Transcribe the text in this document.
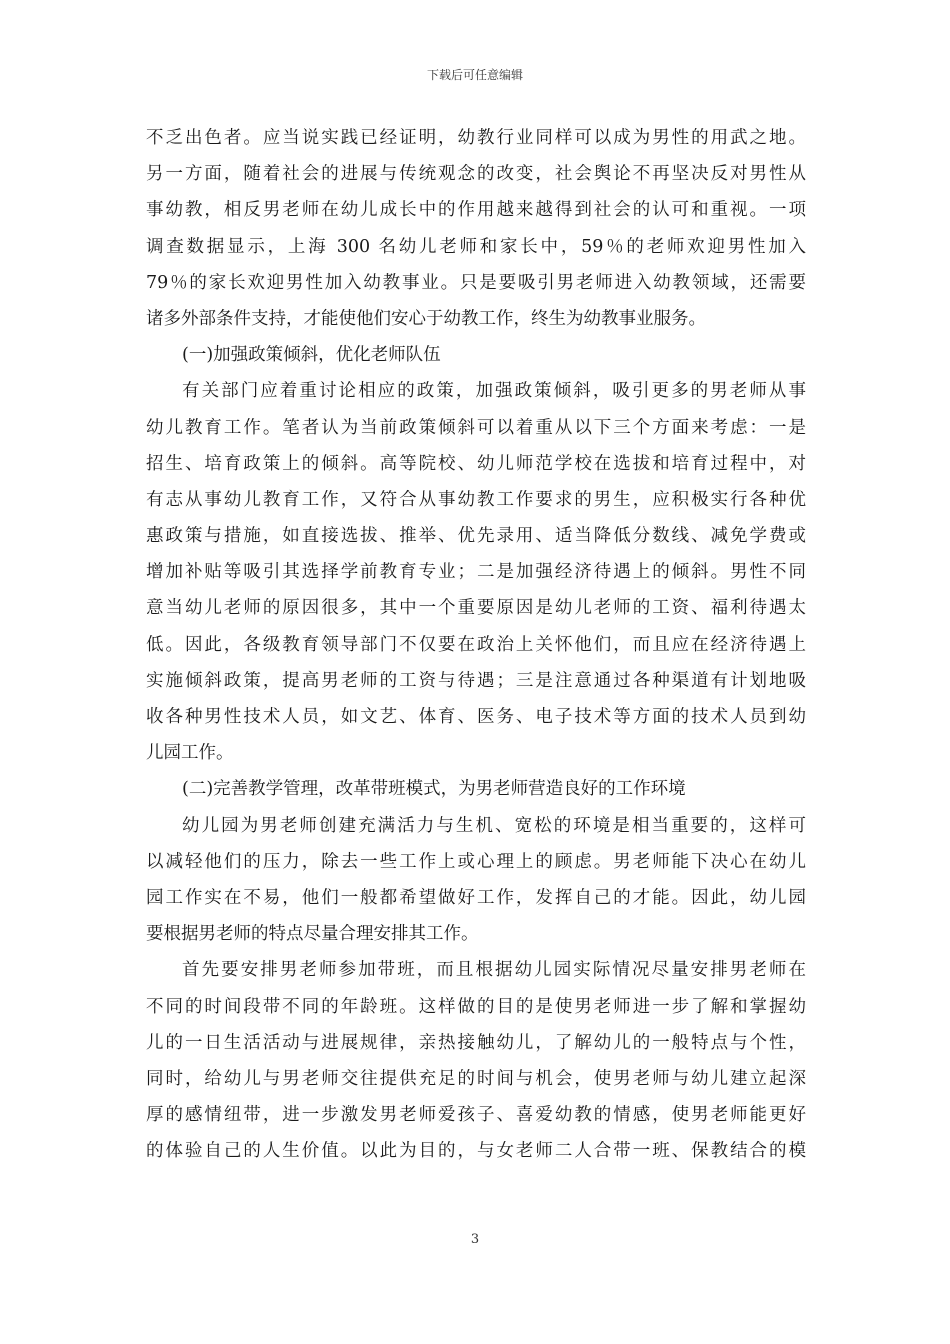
下载后可任意编辑
不乏出色者。应当说实践已经证明，幼教行业同样可以成为男性的用武之地。
另一方面，随着社会的进展与传统观念的改变，社会舆论不再坚决反对男性从
事幼教，相反男老师在幼儿成长中的作用越来越得到社会的认可和重视。一项
调查数据显示，上海 300 名幼儿老师和家长中，59％的老师欢迎男性加入
79％的家长欢迎男性加入幼教事业。只是要吸引男老师进入幼教领域，还需要
诸多外部条件支持，才能使他们安心于幼教工作，终生为幼教事业服务。
(一)加强政策倾斜，优化老师队伍
有关部门应着重讨论相应的政策，加强政策倾斜，吸引更多的男老师从事
幼儿教育工作。笔者认为当前政策倾斜可以着重从以下三个方面来考虑：一是
招生、培育政策上的倾斜。高等院校、幼儿师范学校在选拔和培育过程中，对
有志从事幼儿教育工作，又符合从事幼教工作要求的男生，应积极实行各种优
惠政策与措施，如直接选拔、推举、优先录用、适当降低分数线、减免学费或
增加补贴等吸引其选择学前教育专业；二是加强经济待遇上的倾斜。男性不同
意当幼儿老师的原因很多，其中一个重要原因是幼儿老师的工资、福利待遇太
低。因此，各级教育领导部门不仅要在政治上关怀他们，而且应在经济待遇上
实施倾斜政策，提高男老师的工资与待遇；三是注意通过各种渠道有计划地吸
收各种男性技术人员，如文艺、体育、医务、电子技术等方面的技术人员到幼
儿园工作。
(二)完善教学管理，改革带班模式，为男老师营造良好的工作环境
幼儿园为男老师创建充满活力与生机、宽松的环境是相当重要的，这样可
以减轻他们的压力，除去一些工作上或心理上的顾虑。男老师能下决心在幼儿
园工作实在不易，他们一般都希望做好工作，发挥自己的才能。因此，幼儿园
要根据男老师的特点尽量合理安排其工作。
首先要安排男老师参加带班，而且根据幼儿园实际情况尽量安排男老师在
不同的时间段带不同的年龄班。这样做的目的是使男老师进一步了解和掌握幼
儿的一日生活活动与进展规律，亲热接触幼儿，了解幼儿的一般特点与个性，
同时，给幼儿与男老师交往提供充足的时间与机会，使男老师与幼儿建立起深
厚的感情纽带，进一步激发男老师爱孩子、喜爱幼教的情感，使男老师能更好
的体验自己的人生价值。以此为目的，与女老师二人合带一班、保教结合的模
3
